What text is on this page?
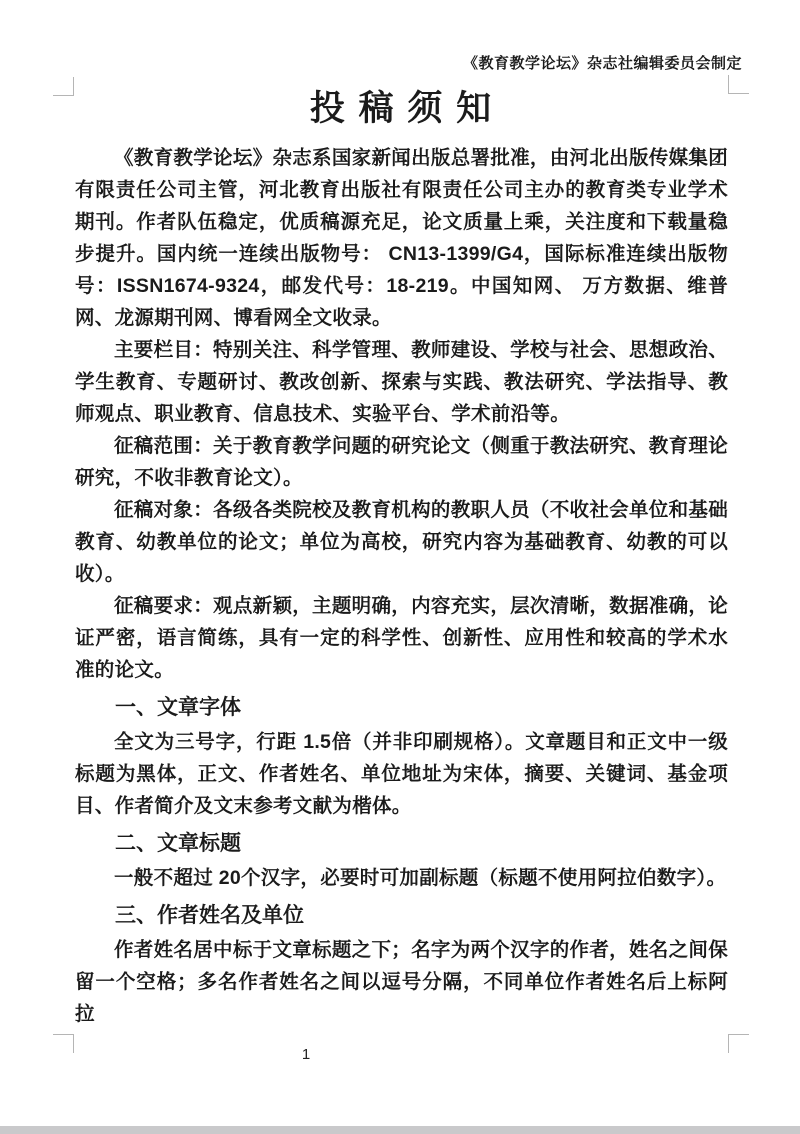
《教育教学论坛》杂志社编辑委员会制定
投 稿 须 知

《教育教学论坛》杂志系国家新闻出版总署批准，由河北出版传媒集团有限责任公司主管，河北教育出版社有限责任公司主办的教育类专业学术期刊。作者队伍稳定，优质稿源充足，论文质量上乘，关注度和下载量稳步提升。国内统一连续出版物号： CN13-1399/G4，国际标准连续出版物号：ISSN1674-9324，邮发代号：18-219。中国知网、 万方数据、维普网、龙源期刊网、博看网全文收录。

主要栏目：特别关注、科学管理、教师建设、学校与社会、思想政治、学生教育、专题研讨、教改创新、探索与实践、教法研究、学法指导、教师观点、职业教育、信息技术、实验平台、学术前沿等。

征稿范围：关于教育教学问题的研究论文（侧重于教法研究、教育理论研究，不收非教育论文）。

征稿对象：各级各类院校及教育机构的教职人员（不收社会单位和基础教育、幼教单位的论文；单位为高校，研究内容为基础教育、幼教的可以收）。

征稿要求：观点新颖，主题明确，内容充实，层次清晰，数据准确，论证严密，语言简练，具有一定的科学性、创新性、应用性和较高的学术水准的论文。

一、文章字体

全文为三号字，行距 1.5倍（并非印刷规格）。文章题目和正文中一级标题为黑体，正文、作者姓名、单位地址为宋体，摘要、关键词、基金项目、作者简介及文末参考文献为楷体。

二、文章标题

一般不超过 20个汉字，必要时可加副标题（标题不使用阿拉伯数字）。

三、作者姓名及单位

作者姓名居中标于文章标题之下；名字为两个汉字的作者，姓名之间保留一个空格；多名作者姓名之间以逗号分隔，不同单位作者姓名后上标阿拉

1
